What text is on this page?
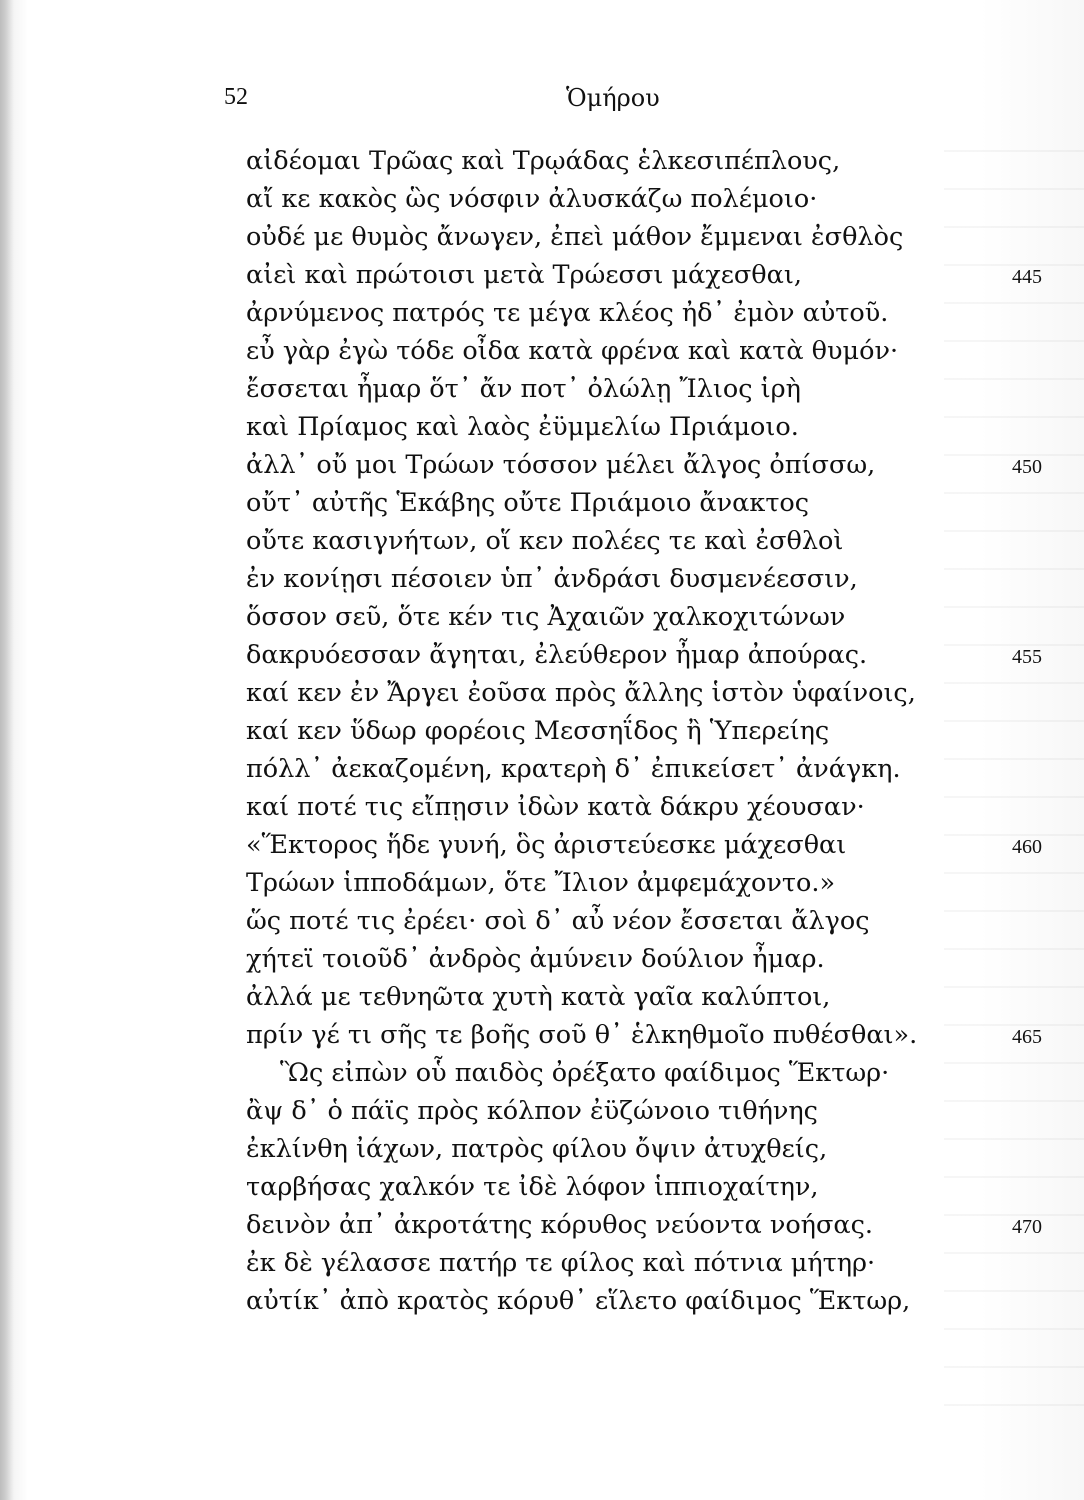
52	Ὁμήρου
αἰδέομαι Τρῶας καὶ Τρῳάδας ἑλκεσιπέπλους,
αἴ κε κακὸς ὣς νόσφιν ἀλυσκάζω πολέμοιο·
οὐδέ με θυμὸς ἄνωγεν, ἐπεὶ μάθον ἔμμεναι ἐσθλὸς
αἰεὶ καὶ πρώτοισι μετὰ Τρώεσσι μάχεσθαι,	445
ἀρνύμενος πατρός τε μέγα κλέος ἠδ᾿ ἐμὸν αὐτοῦ.
εὖ γὰρ ἐγὼ τόδε οἶδα κατὰ φρένα καὶ κατὰ θυμόν·
ἔσσεται ἦμαρ ὅτ᾿ ἄν ποτ᾿ ὀλώλῃ Ἴλιος ἱρὴ
καὶ Πρίαμος καὶ λαὸς ἐϋμμελίω Πριάμοιο.
ἀλλ᾿ οὔ μοι Τρώων τόσσον μέλει ἄλγος ὀπίσσω,	450
οὔτ᾿ αὐτῆς Ἑκάβης οὔτε Πριάμοιο ἄνακτος
οὔτε κασιγνήτων, οἵ κεν πολέες τε καὶ ἐσθλοὶ
ἐν κονίῃσι πέσοιεν ὑπ᾿ ἀνδράσι δυσμενέεσσιν,
ὅσσον σεῦ, ὅτε κέν τις Ἀχαιῶν χαλκοχιτώνων
δακρυόεσσαν ἄγηται, ἐλεύθερον ἦμαρ ἀπούρας.	455
καί κεν ἐν Ἄργει ἐοῦσα πρὸς ἄλλης ἱστὸν ὑφαίνοις,
καί κεν ὕδωρ φορέοις Μεσσηΐδος ἢ Ὑπερείης
πόλλ᾿ ἀεκαζομένη, κρατερὴ δ᾿ ἐπικείσετ᾿ ἀνάγκη.
καί ποτέ τις εἴπῃσιν ἰδὼν κατὰ δάκρυ χέουσαν·
«Ἕκτορος ἥδε γυνή, ὃς ἀριστεύεσκε μάχεσθαι	460
Τρώων ἱπποδάμων, ὅτε Ἴλιον ἀμφεμάχοντο.»
ὥς ποτέ τις ἐρέει· σοὶ δ᾿ αὖ νέον ἔσσεται ἄλγος
χήτεϊ τοιοῦδ᾿ ἀνδρὸς ἀμύνειν δούλιον ἦμαρ.
ἀλλά με τεθνηῶτα χυτὴ κατὰ γαῖα καλύπτοι,
πρίν γέ τι σῆς τε βοῆς σοῦ θ᾿ ἑλκηθμοῖο πυθέσθαι».	465
Ὣς εἰπὼν οὗ παιδὸς ὀρέξατο φαίδιμος Ἕκτωρ·
ἂψ δ᾿ ὁ πάϊς πρὸς κόλπον ἐϋζώνοιο τιθήνης
ἐκλίνθη ἰάχων, πατρὸς φίλου ὄψιν ἀτυχθείς,
ταρβήσας χαλκόν τε ἰδὲ λόφον ἱππιοχαίτην,
δεινὸν ἀπ᾿ ἀκροτάτης κόρυθος νεύοντα νοήσας.	470
ἐκ δὲ γέλασσε πατήρ τε φίλος καὶ πότνια μήτηρ·
αὐτίκ᾿ ἀπὸ κρατὸς κόρυθ᾿ εἵλετο φαίδιμος Ἕκτωρ,
